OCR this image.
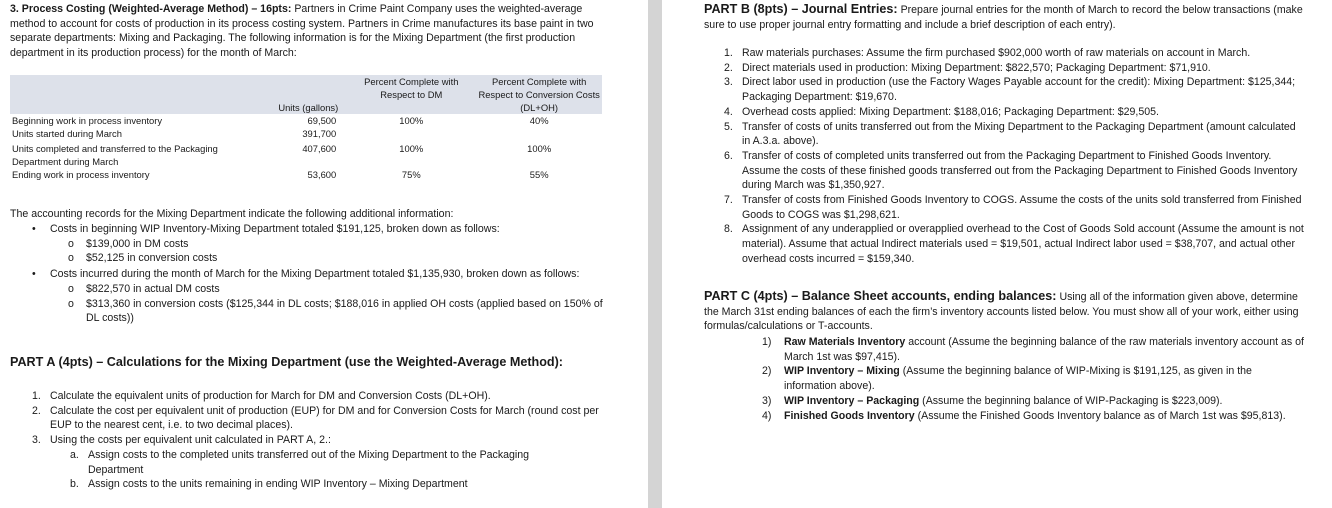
3. Process Costing (Weighted-Average Method) – 16pts: Partners in Crime Paint Company uses the weighted-average method to account for costs of production in its process costing system. Partners in Crime manufactures its base paint in two separate departments: Mixing and Packaging. The following information is for the Mixing Department (the first production department in its production process) for the month of March:
	Units (gallons)	Percent Complete with Respect to DM	Percent Complete with Respect to Conversion Costs (DL+OH)
Beginning work in process inventory	69,500	100%	40%
Units started during March	391,700		
Units completed and transferred to the Packaging Department during March	407,600	100%	100%
Ending work in process inventory	53,600	75%	55%
The accounting records for the Mixing Department indicate the following additional information:
• Costs in beginning WIP Inventory-Mixing Department totaled $191,125, broken down as follows:
o $139,000 in DM costs
o $52,125 in conversion costs
•	Costs incurred during the month of March for the Mixing Department totaled $1,135,930, broken down as follows:
o $822,570 in actual DM costs
o	$313,360 in conversion costs ($125,344 in DL costs; $188,016 in applied OH costs (applied based on 150% of DL costs))
PART A (4pts) – Calculations for the Mixing Department (use the Weighted-Average Method):
1. Calculate the equivalent units of production for March for DM and Conversion Costs (DL+OH).
2. Calculate the cost per equivalent unit of production (EUP) for DM and for Conversion Costs for March (round cost per EUP to the nearest cent, i.e. to two decimal places).
3. Using the costs per equivalent unit calculated in PART A, 2.:
a. Assign costs to the completed units transferred out of the Mixing Department to the Packaging Department
b. Assign costs to the units remaining in ending WIP Inventory – Mixing Department
PART B (8pts) – Journal Entries: Prepare journal entries for the month of March to record the below transactions (make sure to use proper journal entry formatting and include a brief description of each entry).
1. Raw materials purchases: Assume the firm purchased $902,000 worth of raw materials on account in March.
2. Direct materials used in production: Mixing Department: $822,570; Packaging Department: $71,910.
3. Direct labor used in production (use the Factory Wages Payable account for the credit): Mixing Department: $125,344; Packaging Department: $19,670.
4. Overhead costs applied: Mixing Department: $188,016; Packaging Department: $29,505.
5. Transfer of costs of units transferred out from the Mixing Department to the Packaging Department (amount calculated in A.3.a. above).
6. Transfer of costs of completed units transferred out from the Packaging Department to Finished Goods Inventory. Assume the costs of these finished goods transferred out from the Packaging Department to Finished Goods Inventory during March was $1,350,927.
7. Transfer of costs from Finished Goods Inventory to COGS. Assume the costs of the units sold transferred from Finished Goods to COGS was $1,298,621.
8. Assignment of any underapplied or overapplied overhead to the Cost of Goods Sold account (Assume the amount is not material). Assume that actual Indirect materials used = $19,501, actual Indirect labor used = $38,707, and actual other overhead costs incurred = $159,340.
PART C (4pts) – Balance Sheet accounts, ending balances: Using all of the information given above, determine the March 31st ending balances of each the firm’s inventory accounts listed below. You must show all of your work, either using formulas/calculations or T-accounts.
1)	Raw Materials Inventory account (Assume the beginning balance of the raw materials inventory account as of March 1st was $97,415).
2)	WIP Inventory – Mixing (Assume the beginning balance of WIP-Mixing is $191,125, as given in the information above).
3)	WIP Inventory – Packaging (Assume the beginning balance of WIP-Packaging is $223,009).
4)	Finished Goods Inventory (Assume the Finished Goods Inventory balance as of March 1st was $95,813).
